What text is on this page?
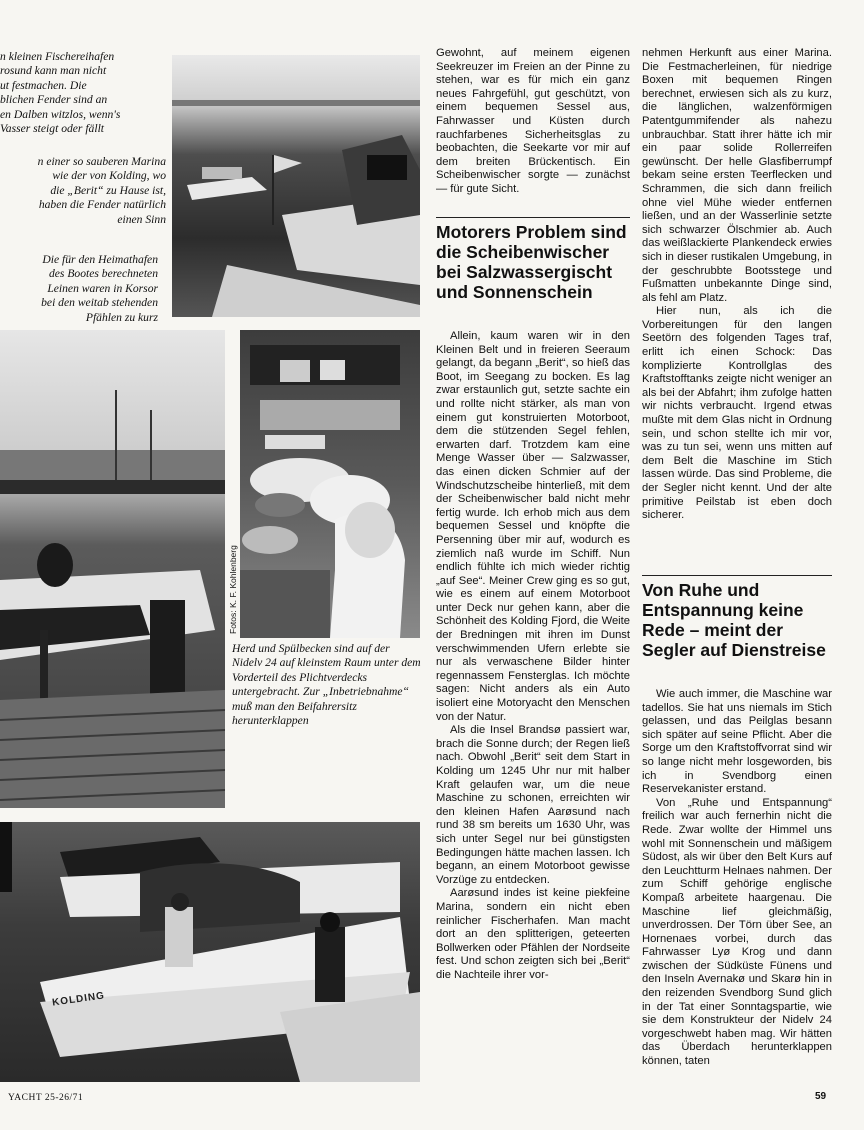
Fotos: K. F. Kohlenberg
KOLDING

n kleinen Fischereihafen

rosund kann man nicht

ut festmachen. Die

blichen Fender sind an

en Dalben witzlos, wenn's

Vasser steigt oder fällt

n einer so sauberen Marina

wie der von Kolding, wo

die „Berit“ zu Hause ist,

haben die Fender natürlich

einen Sinn

Die für den Heimathafen

des Bootes berechneten

Leinen waren in Korsor

bei den weitab stehenden

Pfählen zu kurz

Herd und Spülbecken sind auf der Nidelv 24 auf kleinstem Raum unter dem Vorderteil des Plichtverdecks untergebracht. Zur „Inbetriebnahme“ muß man den Beifahrersitz herunterklappen

Gewohnt, auf meinem eigenen Seekreuzer im Freien an der Pinne zu stehen, war es für mich ein ganz neues Fahrgefühl, gut geschützt, von einem bequemen Sessel aus, Fahrwasser und Küsten durch rauchfarbenes Sicherheitsglas zu beobachten, die Seekarte vor mir auf dem breiten Brückentisch. Ein Scheibenwischer sorgte — zunächst — für gute Sicht.

Motorers Problem sind die Scheibenwischer bei Salzwassergischt und Sonnenschein

Allein, kaum waren wir in den Kleinen Belt und in freieren Seeraum gelangt, da begann „Berit“, so hieß das Boot, im Seegang zu bocken. Es lag zwar erstaunlich gut, setzte sachte ein und rollte nicht stärker, als man von einem gut konstruierten Motorboot, dem die stützenden Segel fehlen, erwarten darf. Trotzdem kam eine Menge Wasser über — Salzwasser, das einen dicken Schmier auf der Windschutzscheibe hinterließ, mit dem der Scheibenwischer bald nicht mehr fertig wurde. Ich erhob mich aus dem bequemen Sessel und knöpfte die Persenning über mir auf, wodurch es ziemlich naß wurde im Schiff. Nun endlich fühlte ich mich wieder richtig „auf See“. Meiner Crew ging es so gut, wie es einem auf einem Motorboot unter Deck nur gehen kann, aber die Schönheit des Kolding Fjord, die Weite der Bredningen mit ihren im Dunst verschwimmenden Ufern erlebte sie nur als verwaschene Bilder hinter regennassem Fensterglas. Ich möchte sagen: Nicht anders als ein Auto isoliert eine Motoryacht den Menschen von der Natur.

Als die Insel Brandsø passiert war, brach die Sonne durch; der Regen ließ nach. Obwohl „Berit“ seit dem Start in Kolding um 1245 Uhr nur mit halber Kraft gelaufen war, um die neue Maschine zu schonen, erreichten wir den kleinen Hafen Aarøsund nach rund 38 sm bereits um 1630 Uhr, was sich unter Segel nur bei günstigsten Bedingungen hätte machen lassen. Ich begann, an einem Motorboot gewisse Vorzüge zu entdecken.

Aarøsund indes ist keine piekfeine Marina, sondern ein nicht eben reinlicher Fischerhafen. Man macht dort an den splitterigen, geteerten Bollwerken oder Pfählen der Nordseite fest. Und schon zeigten sich bei „Berit“ die Nachteile ihrer vor-

nehmen Herkunft aus einer Marina. Die Festmacherleinen, für niedrige Boxen mit bequemen Ringen berechnet, erwiesen sich als zu kurz, die länglichen, walzenförmigen Patentgummifender als nahezu unbrauchbar. Statt ihrer hätte ich mir ein paar solide Rollerreifen gewünscht. Der helle Glasfiberrumpf bekam seine ersten Teerflecken und Schrammen, die sich dann freilich ohne viel Mühe wieder entfernen ließen, und an der Wasserlinie setzte sich schwarzer Ölschmier ab. Auch das weißlackierte Plankendeck erwies sich in dieser rustikalen Umgebung, in der geschrubbte Bootsstege und Fußmatten unbekannte Dinge sind, als fehl am Platz.

Hier nun, als ich die Vorbereitungen für den langen Seetörn des folgenden Tages traf, erlitt ich einen Schock: Das komplizierte Kontrollglas des Kraftstofftanks zeigte nicht weniger an als bei der Abfahrt; ihm zufolge hatten wir nichts verbraucht. Irgend etwas mußte mit dem Glas nicht in Ordnung sein, und schon stellte ich mir vor, was zu tun sei, wenn uns mitten auf dem Belt die Maschine im Stich lassen würde. Das sind Probleme, die der Segler nicht kennt. Und der alte primitive Peilstab ist eben doch sicherer.

Von Ruhe und Entspannung keine Rede – meint der Segler auf Dienstreise

Wie auch immer, die Maschine war tadellos. Sie hat uns niemals im Stich gelassen, und das Peilglas besann sich später auf seine Pflicht. Aber die Sorge um den Kraftstoffvorrat sind wir so lange nicht mehr losgeworden, bis ich in Svendborg einen Reservekanister erstand.

Von „Ruhe und Entspannung“ freilich war auch fernerhin nicht die Rede. Zwar wollte der Himmel uns wohl mit Sonnenschein und mäßigem Südost, als wir über den Belt Kurs auf den Leuchtturm Helnaes nahmen. Der zum Schiff gehörige englische Kompaß arbeitete haargenau. Die Maschine lief gleichmäßig, unverdrossen. Der Törn über See, an Hornenaes vorbei, durch das Fahrwasser Lyø Krog und dann zwischen der Südküste Fünens und den Inseln Avernakø und Skarø hin in den reizenden Svendborg Sund glich in der Tat einer Sonntagspartie, wie sie dem Konstrukteur der Nidelv 24 vorgeschwebt haben mag. Wir hätten das Überdach herunterklappen können, taten

YACHT 25-26/71	59
